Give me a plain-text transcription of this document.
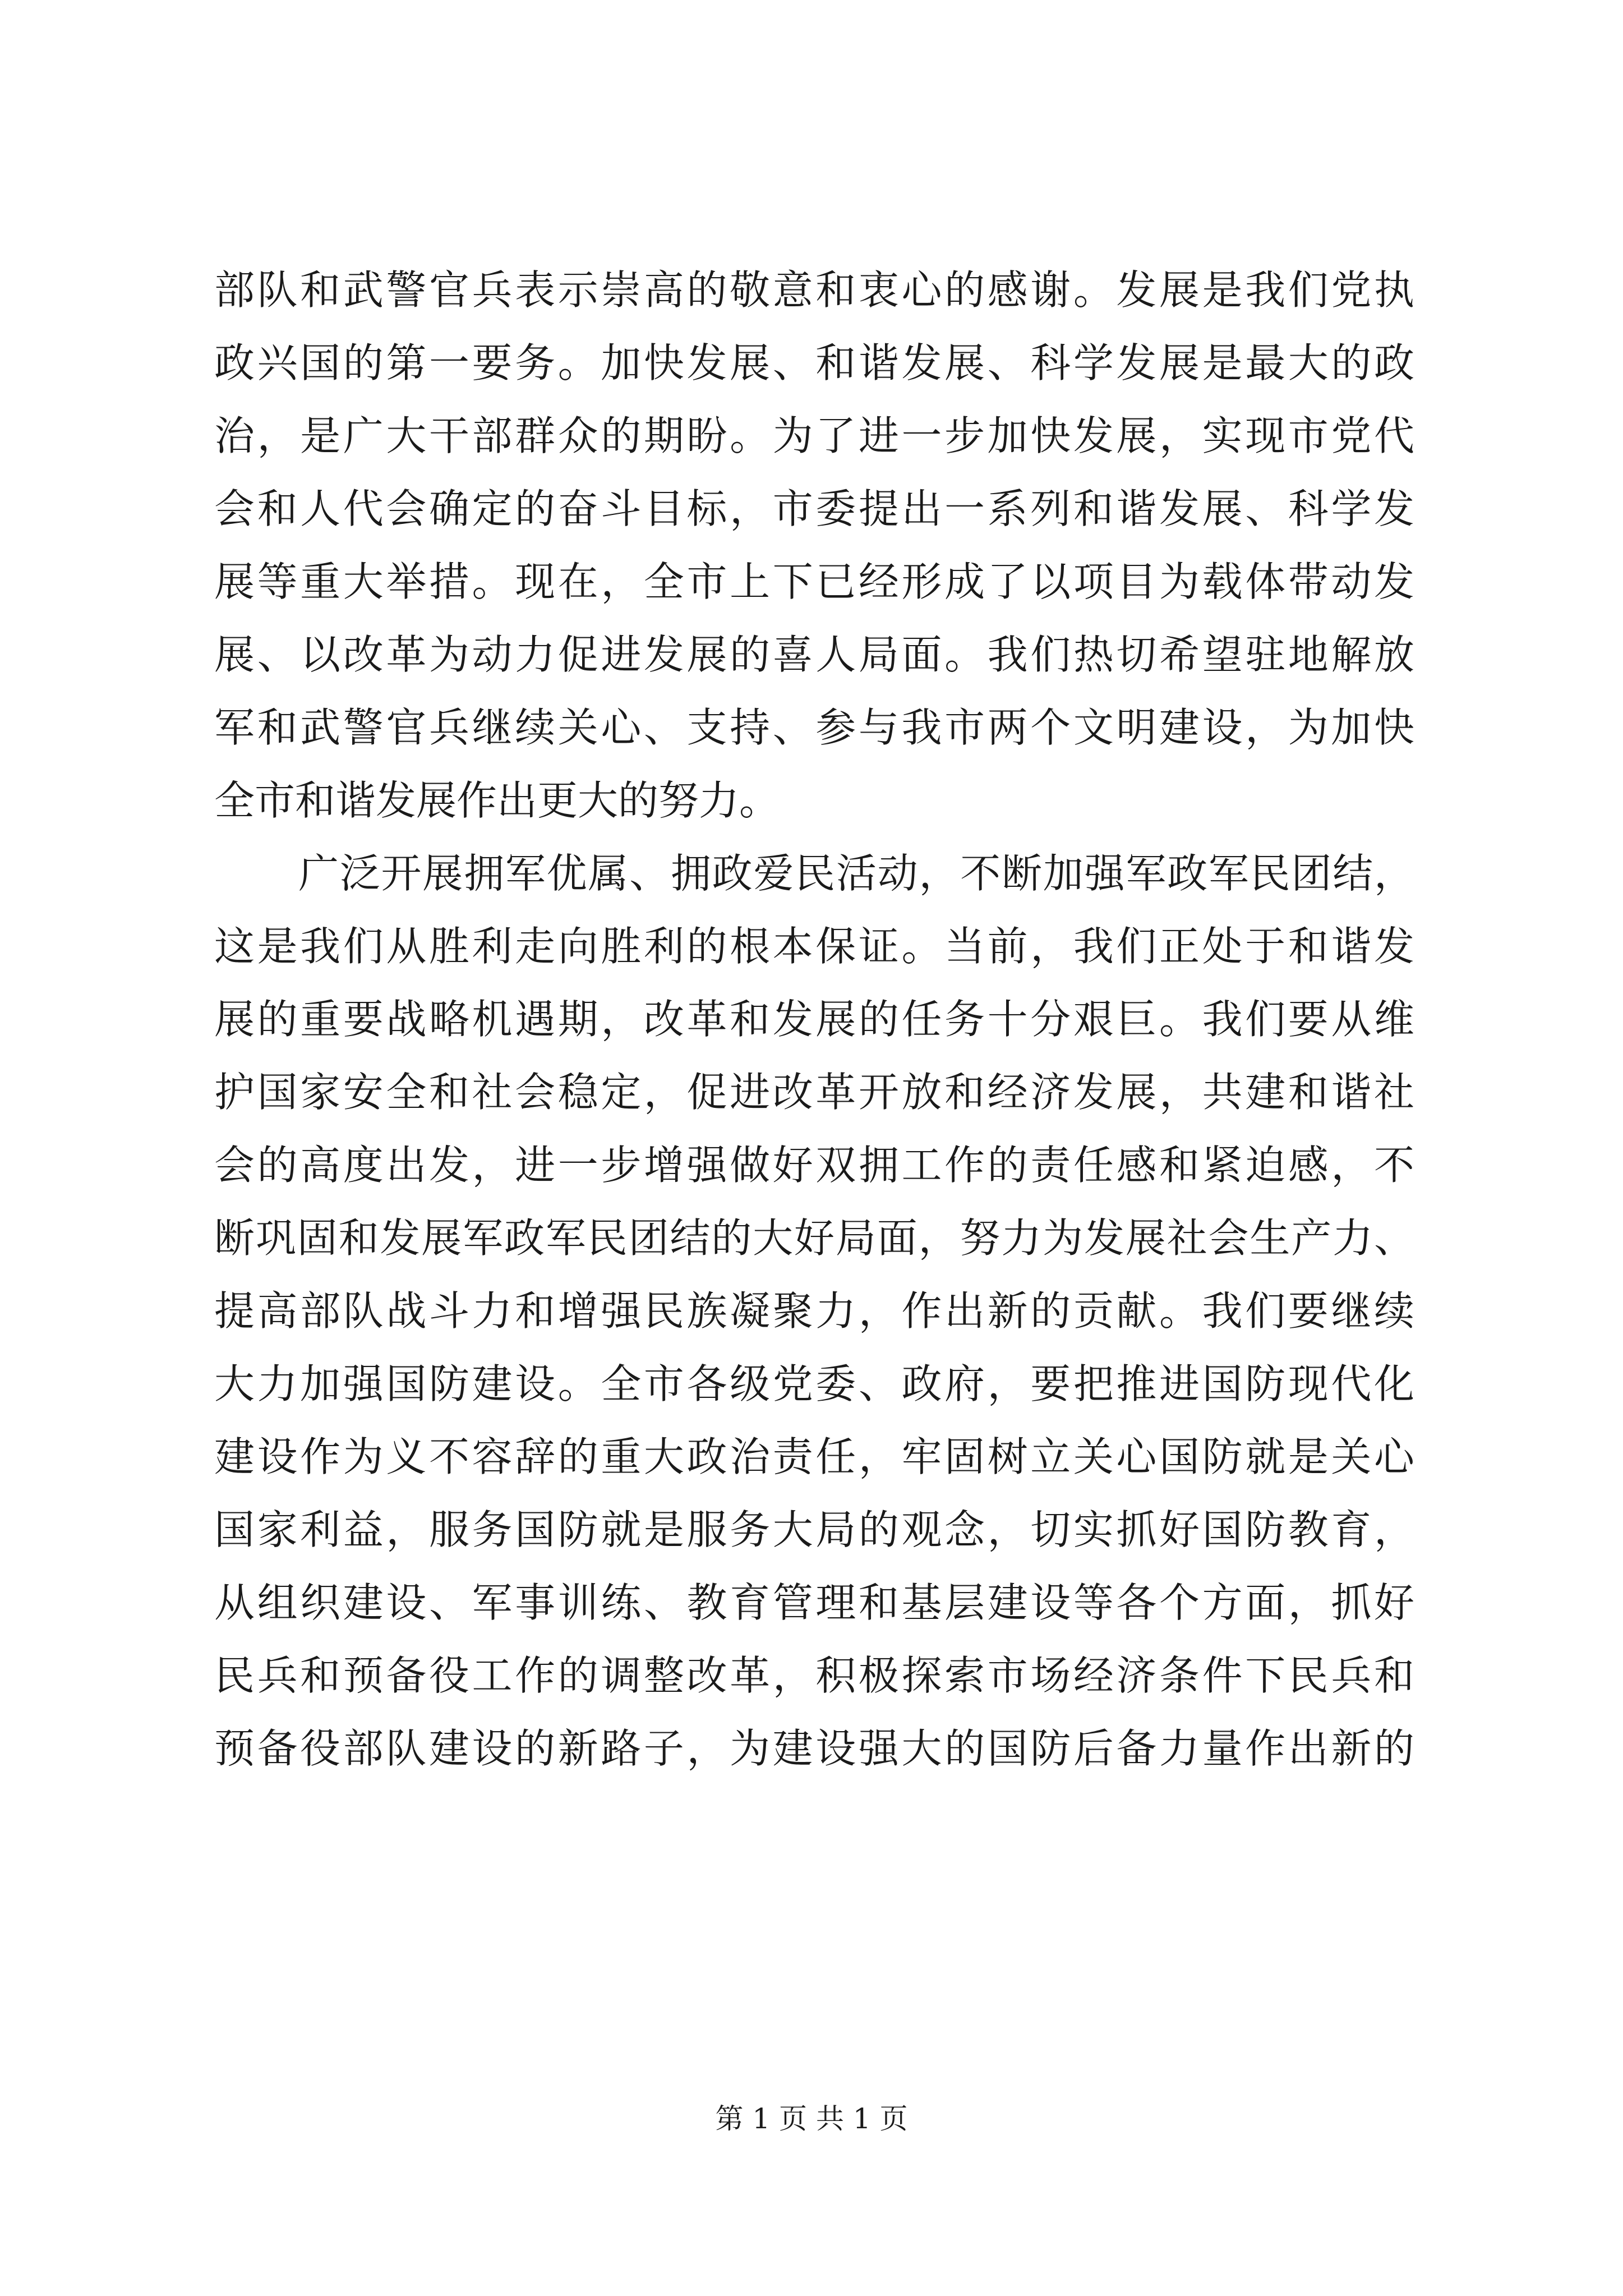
部队和武警官兵表示崇高的敬意和衷心的感谢。发展是我们党执
政兴国的第一要务。加快发展、和谐发展、科学发展是最大的政
治，是广大干部群众的期盼。为了进一步加快发展，实现市党代
会和人代会确定的奋斗目标，市委提出一系列和谐发展、科学发
展等重大举措。现在，全市上下已经形成了以项目为载体带动发
展、以改革为动力促进发展的喜人局面。我们热切希望驻地解放
军和武警官兵继续关心、支持、参与我市两个文明建设，为加快
全市和谐发展作出更大的努力。
广泛开展拥军优属、拥政爱民活动，不断加强军政军民团结，
这是我们从胜利走向胜利的根本保证。当前，我们正处于和谐发
展的重要战略机遇期，改革和发展的任务十分艰巨。我们要从维
护国家安全和社会稳定，促进改革开放和经济发展，共建和谐社
会的高度出发，进一步增强做好双拥工作的责任感和紧迫感，不
断巩固和发展军政军民团结的大好局面，努力为发展社会生产力、
提高部队战斗力和增强民族凝聚力，作出新的贡献。我们要继续
大力加强国防建设。全市各级党委、政府，要把推进国防现代化
建设作为义不容辞的重大政治责任，牢固树立关心国防就是关心
国家利益，服务国防就是服务大局的观念，切实抓好国防教育，
从组织建设、军事训练、教育管理和基层建设等各个方面，抓好
民兵和预备役工作的调整改革，积极探索市场经济条件下民兵和
预备役部队建设的新路子，为建设强大的国防后备力量作出新的
第 1 页 共 1 页
